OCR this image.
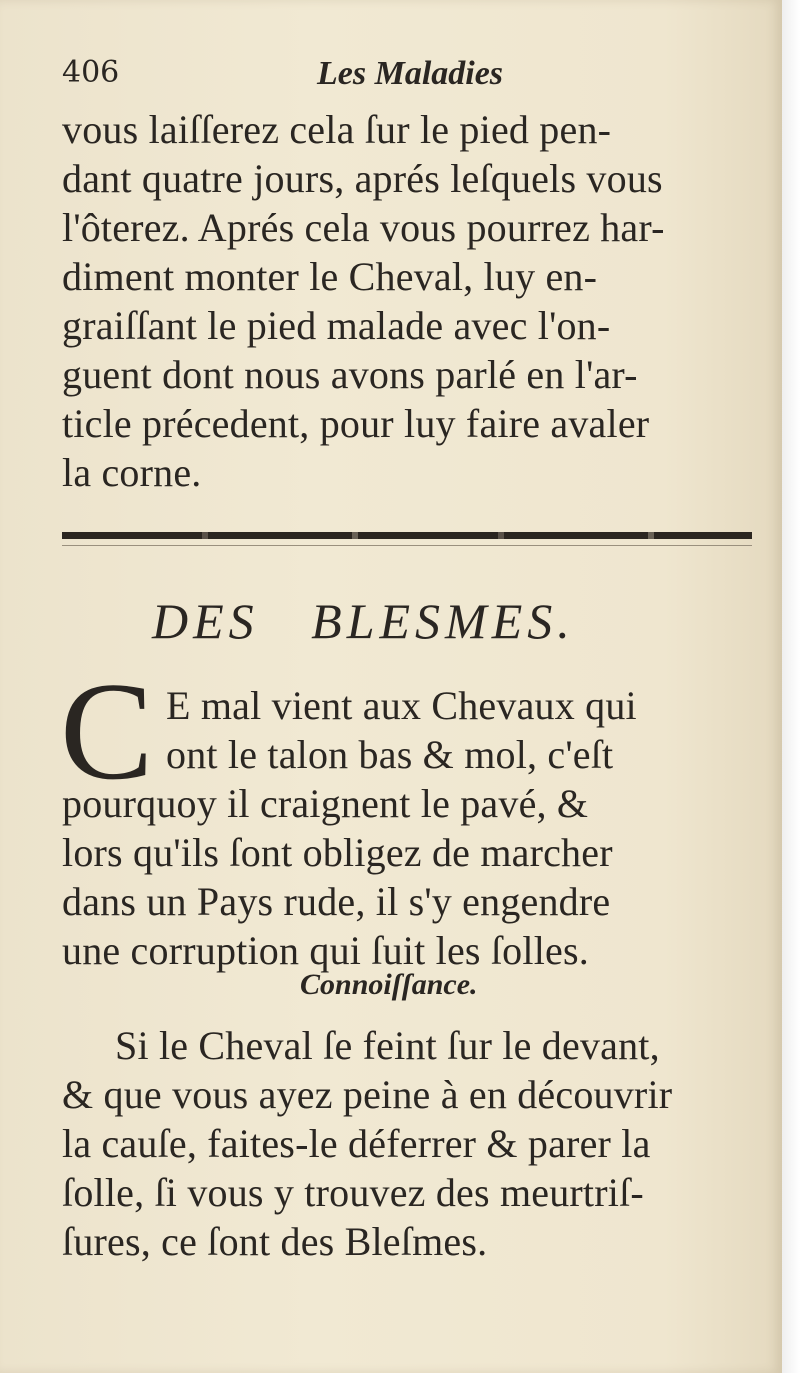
406	Les Maladies
vous laiſſerez cela ſur le pied pen-
dant quatre jours, aprés leſquels vous
l'ôterez. Aprés cela vous pourrez har-
diment monter le Cheval, luy en-
graiſſant le pied malade avec l'on-
guent dont nous avons parlé en l'ar-
ticle précedent, pour luy faire avaler
la corne.
DES   BLESMES.
C E mal vient aux Chevaux qui
ont le talon bas & mol, c'eſt
pourquoy il craignent le pavé, &
lors qu'ils ſont obligez de marcher
dans un Pays rude, il s'y engendre
une corruption qui ſuit les ſolles.
Connoiſſance.
Si le Cheval ſe feint ſur le devant,
& que vous ayez peine à en découvrir
la cauſe, faites-le déferrer & parer la
ſolle, ſi vous y trouvez des meurtriſ-
ſures, ce ſont des Bleſmes.
